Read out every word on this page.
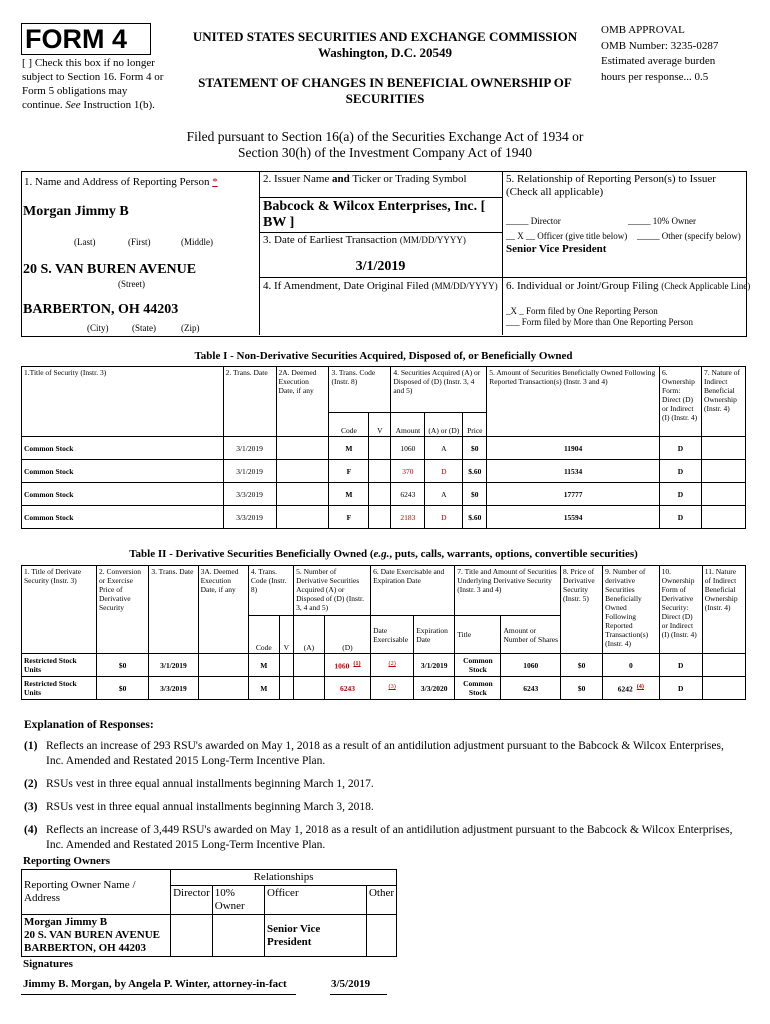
FORM 4
[ ] Check this box if no longer subject to Section 16. Form 4 or Form 5 obligations may continue. See Instruction 1(b).
UNITED STATES SECURITIES AND EXCHANGE COMMISSION
Washington, D.C. 20549
STATEMENT OF CHANGES IN BENEFICIAL OWNERSHIP OF
SECURITIES
OMB APPROVAL
OMB Number: 3235-0287
Estimated average burden
hours per response... 0.5
Filed pursuant to Section 16(a) of the Securities Exchange Act of 1934 or
Section 30(h) of the Investment Company Act of 1940
1. Name and Address of Reporting Person *
Morgan Jimmy B
(Last)	(First)	(Middle)
20 S. VAN BUREN AVENUE
(Street)
BARBERTON, OH 44203
(City)	(State)	(Zip)
2. Issuer Name and Ticker or Trading Symbol
Babcock & Wilcox Enterprises, Inc. [
BW ]
3. Date of Earliest Transaction (MM/DD/YYYY)
3/1/2019
4. If Amendment, Date Original Filed (MM/DD/YYYY)
5. Relationship of Reporting Person(s) to Issuer
(Check all applicable)
_____ Director	_____ 10% Owner
__ X __ Officer (give title below) _____ Other (specify below)
Senior Vice President
6. Individual or Joint/Group Filing (Check Applicable Line)
_X _ Form filed by One Reporting Person
___ Form filed by More than One Reporting Person
Table I - Non-Derivative Securities Acquired, Disposed of, or Beneficially Owned
1.Title of Security (Instr. 3)	2. Trans. Date	2A. Deemed Execution Date, if any	3. Trans. Code (Instr. 8)		4. Securities Acquired (A) or Disposed of (D) (Instr. 3, 4 and 5)			5. Amount of Securities Beneficially Owned Following Reported Transaction(s) (Instr. 3 and 4)	6. Ownership Form: Direct (D) or Indirect (I) (Instr. 4)	7. Nature of Indirect Beneficial Ownership (Instr. 4)
			Code	V	Amount	(A) or (D)	Price			
Common Stock	3/1/2019		M		1060	A	$0	11904	D	
Common Stock	3/1/2019		F		370	D	$.60	11534	D	
Common Stock	3/3/2019		M		6243	A	$0	17777	D	
Common Stock	3/3/2019		F		2183	D	$.60	15594	D	
Table II - Derivative Securities Beneficially Owned (e.g., puts, calls, warrants, options, convertible securities)
1. Title of Derivate Security (Instr. 3)	2. Conversion or Exercise Price of Derivative Security	3. Trans. Date	3A. Deemed Execution Date, if any	4. Trans. Code (Instr. 8)		5. Number of Derivative Securities Acquired (A) or Disposed of (D) (Instr. 3, 4 and 5)		6. Date Exercisable and Expiration Date		7. Title and Amount of Securities Underlying Derivative Security (Instr. 3 and 4)		8. Price of Derivative Security (Instr. 5)	9. Number of derivative Securities Beneficially Owned Following Reported Transaction(s) (Instr. 4)	10. Ownership Form of Derivative Security: Direct (D) or Indirect (I) (Instr. 4)	11. Nature of Indirect Beneficial Ownership (Instr. 4)
				Code	V	(A)	(D)	Date Exercisable	Expiration Date	Title	Amount or Number of Shares				
Restricted Stock Units	$0	3/1/2019		M			1060 $^{(1)}$	$^{(2)}$	3/1/2019	Common Stock	1060	$0	0	D	
Restricted Stock Units	$0	3/3/2019		M			6243	$^{(3)}$	3/3/2020	Common Stock	6243	$0	6242 $^{(4)}$	D	
Explanation of Responses:
(1) Reflects an increase of 293 RSU's awarded on May 1, 2018 as a result of an antidilution adjustment pursuant to the Babcock & Wilcox Enterprises, Inc. Amended and Restated 2015 Long-Term Incentive Plan.
(2) RSUs vest in three equal annual installments beginning March 1, 2017.
(3) RSUs vest in three equal annual installments beginning March 3, 2018.
(4) Reflects an increase of 3,449 RSU's awarded on May 1, 2018 as a result of an antidilution adjustment pursuant to the Babcock & Wilcox Enterprises, Inc. Amended and Restated 2015 Long-Term Incentive Plan.
Reporting Owners
Reporting Owner Name / Address	Relationships			
	Director	10% Owner	Officer	Other

Morgan Jimmy B
20 S. VAN BUREN AVENUE
BARBERTON, OH 44203			Senior Vice President	
Signatures
Jimmy B. Morgan, by Angela P. Winter, attorney-in-fact	3/5/2019
